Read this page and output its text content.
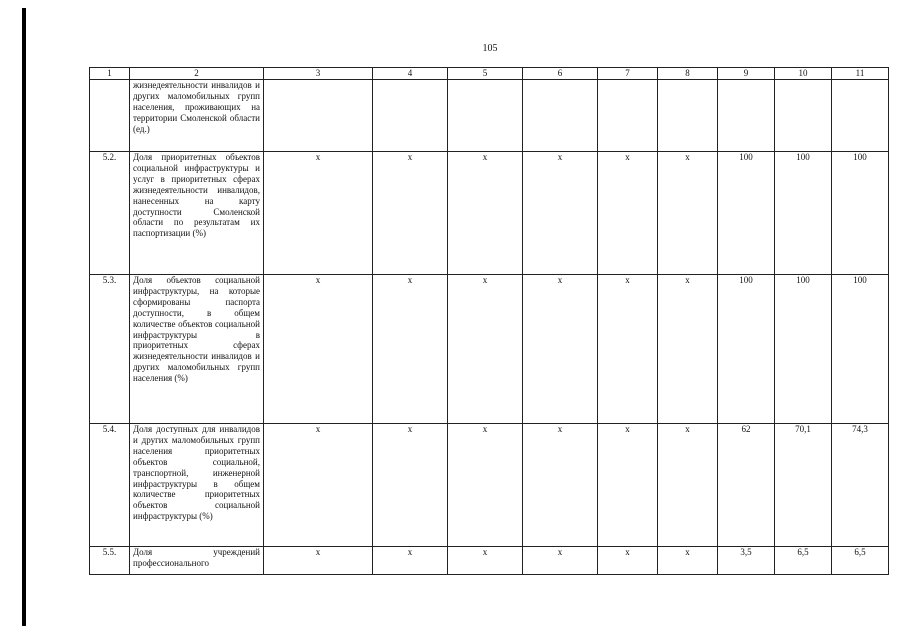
105
1	2	3	4	5	6	7	8	9	10	11
	жизнедеятельности инвалидов и других маломобильных групп населения, проживающих на территории Смоленской области (ед.)									
5.2.	Доля приоритетных объектов социальной инфраструктуры и услуг в приоритетных сферах жизнедеятельности инвалидов, нанесенных на карту доступности Смоленской области по результатам их паспортизации (%)	x	x	x	x	x	x	100	100	100
5.3.	Доля объектов социальной инфраструктуры, на которые сформированы паспорта доступности, в общем количестве объектов социальной инфраструктуры в приоритетных сферах жизнедеятельности инвалидов и других маломобильных групп населения (%)	x	x	x	x	x	x	100	100	100
5.4.	Доля доступных для инвалидов и других маломобильных групп населения приоритетных объектов социальной, транспортной, инженерной инфраструктуры в общем количестве приоритетных объектов социальной инфраструктуры (%)	x	x	x	x	x	x	62	70,1	74,3
5.5.	Доля учреждений профессионального	x	x	x	x	x	x	3,5	6,5	6,5
